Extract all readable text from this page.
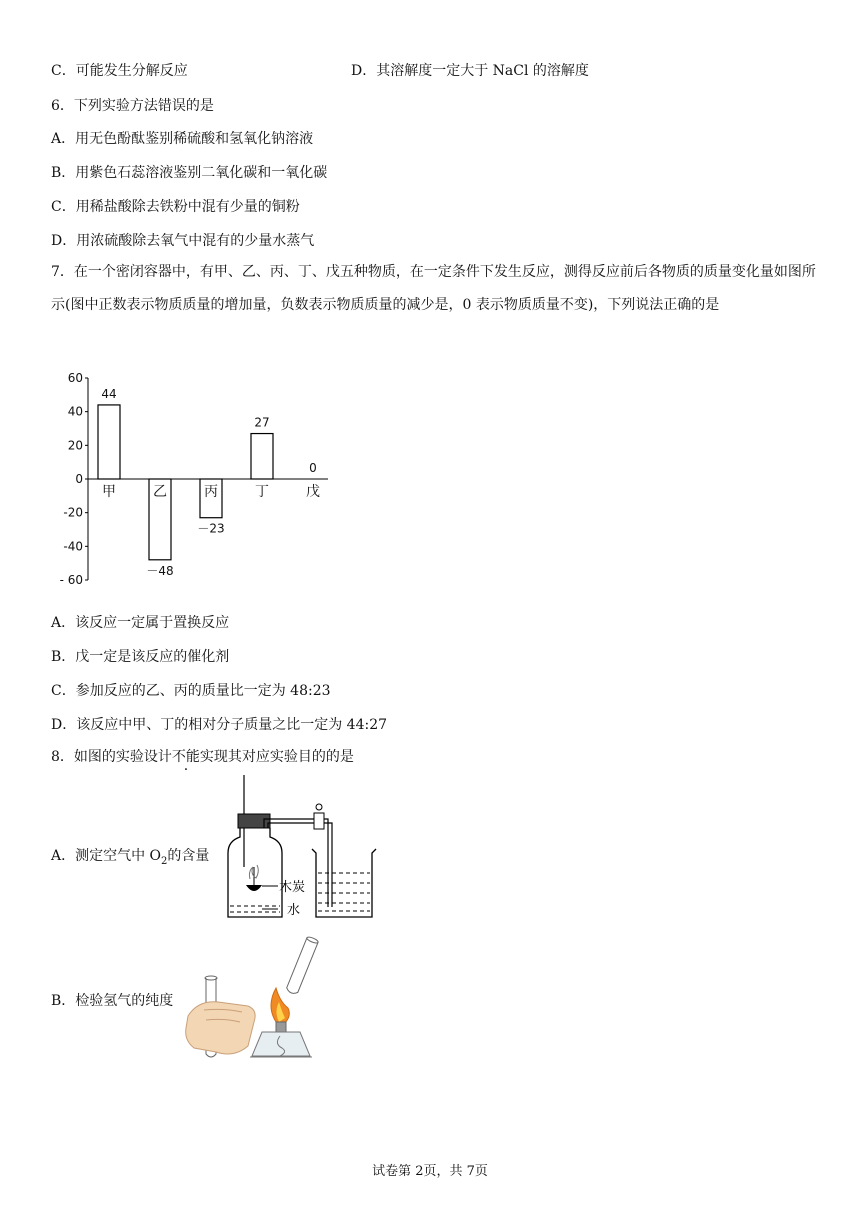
C．可能发生分解反应	D．其溶解度一定大于 NaCl 的溶解度
6．下列实验方法错误的是
A．用无色酚酞鉴别稀硫酸和氢氧化钠溶液
B．用紫色石蕊溶液鉴别二氧化碳和一氧化碳
C．用稀盐酸除去铁粉中混有少量的铜粉
D．用浓硫酸除去氧气中混有的少量水蒸气
7．在一个密闭容器中，有甲、乙、丙、丁、戊五种物质，在一定条件下发生反应，测得反应前后各物质的质量变化量如图所示(图中正数表示物质质量的增加量，负数表示物质质量的减少是，0 表示物质质量不变)，下列说法正确的是
60
40
20
0
-20
-40
- 60
44
－48
－23
27
0
甲	乙	丙	丁	戊
A．该反应一定属于置换反应
B．戊一定是该反应的催化剂
C．参加反应的乙、丙的质量比一定为 48:23
D．该反应中甲、丁的相对分子质量之比一定为 44:27
8．如图的实验设计不能实现其对应实验目的的是
A．测定空气中 $O_2$的含量
木炭
水
B．检验氢气的纯度
试卷第 2页，共 7页
